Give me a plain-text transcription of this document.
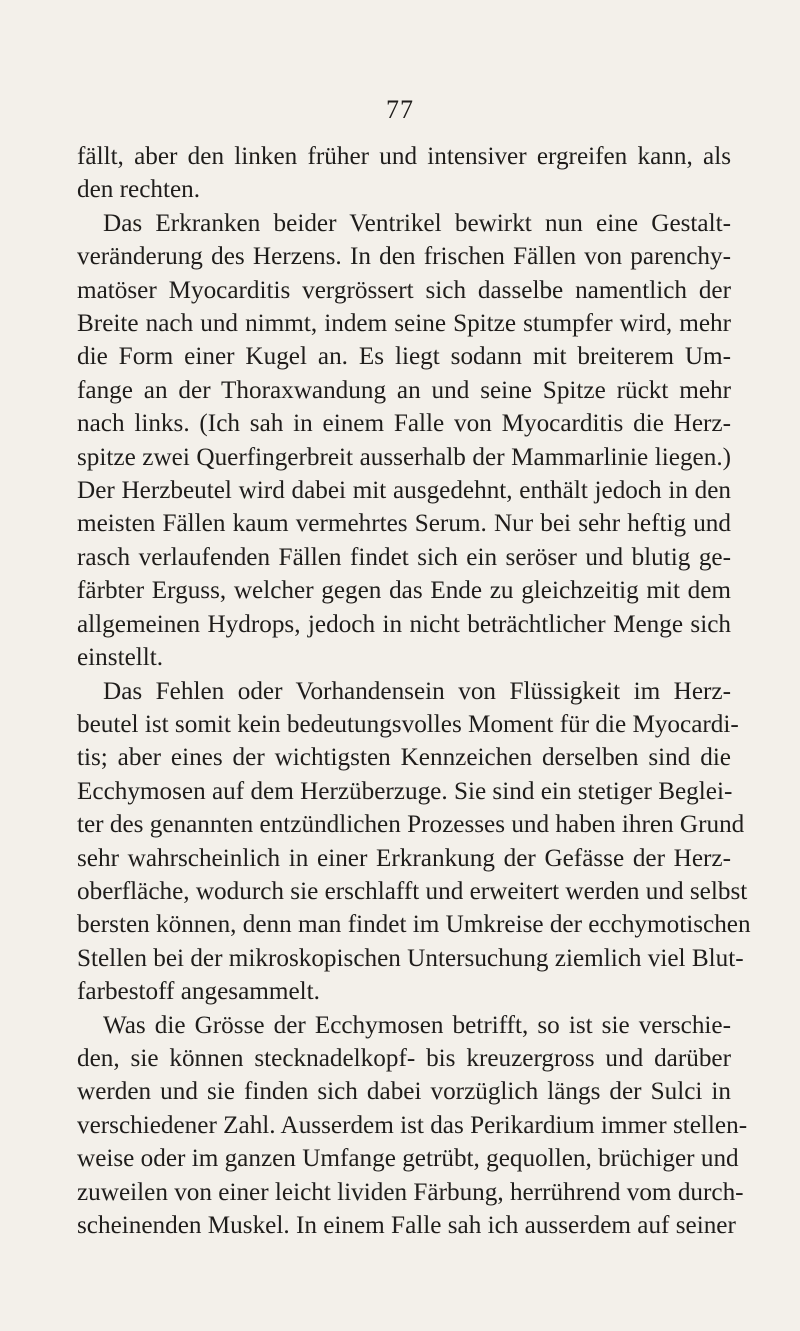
77
fällt, aber den linken früher und intensiver ergreifen kann, als
den rechten.
Das Erkranken beider Ventrikel bewirkt nun eine Gestalt-
veränderung des Herzens. In den frischen Fällen von parenchy-
matöser Myocarditis vergrössert sich dasselbe namentlich der
Breite nach und nimmt, indem seine Spitze stumpfer wird, mehr
die Form einer Kugel an. Es liegt sodann mit breiterem Um-
fange an der Thoraxwandung an und seine Spitze rückt mehr
nach links. (Ich sah in einem Falle von Myocarditis die Herz-
spitze zwei Querfingerbreit ausserhalb der Mammarlinie liegen.)
Der Herzbeutel wird dabei mit ausgedehnt, enthält jedoch in den
meisten Fällen kaum vermehrtes Serum. Nur bei sehr heftig und
rasch verlaufenden Fällen findet sich ein seröser und blutig ge-
färbter Erguss, welcher gegen das Ende zu gleichzeitig mit dem
allgemeinen Hydrops, jedoch in nicht beträchtlicher Menge sich
einstellt.
Das Fehlen oder Vorhandensein von Flüssigkeit im Herz-
beutel ist somit kein bedeutungsvolles Moment für die Myocardi-
tis; aber eines der wichtigsten Kennzeichen derselben sind die
Ecchymosen auf dem Herzüberzuge. Sie sind ein stetiger Beglei-
ter des genannten entzündlichen Prozesses und haben ihren Grund
sehr wahrscheinlich in einer Erkrankung der Gefässe der Herz-
oberfläche, wodurch sie erschlafft und erweitert werden und selbst
bersten können, denn man findet im Umkreise der ecchymotischen
Stellen bei der mikroskopischen Untersuchung ziemlich viel Blut-
farbestoff angesammelt.
Was die Grösse der Ecchymosen betrifft, so ist sie verschie-
den, sie können stecknadelkopf- bis kreuzergross und darüber
werden und sie finden sich dabei vorzüglich längs der Sulci in
verschiedener Zahl. Ausserdem ist das Perikardium immer stellen-
weise oder im ganzen Umfange getrübt, gequollen, brüchiger und
zuweilen von einer leicht lividen Färbung, herrührend vom durch-
scheinenden Muskel. In einem Falle sah ich ausserdem auf seiner
